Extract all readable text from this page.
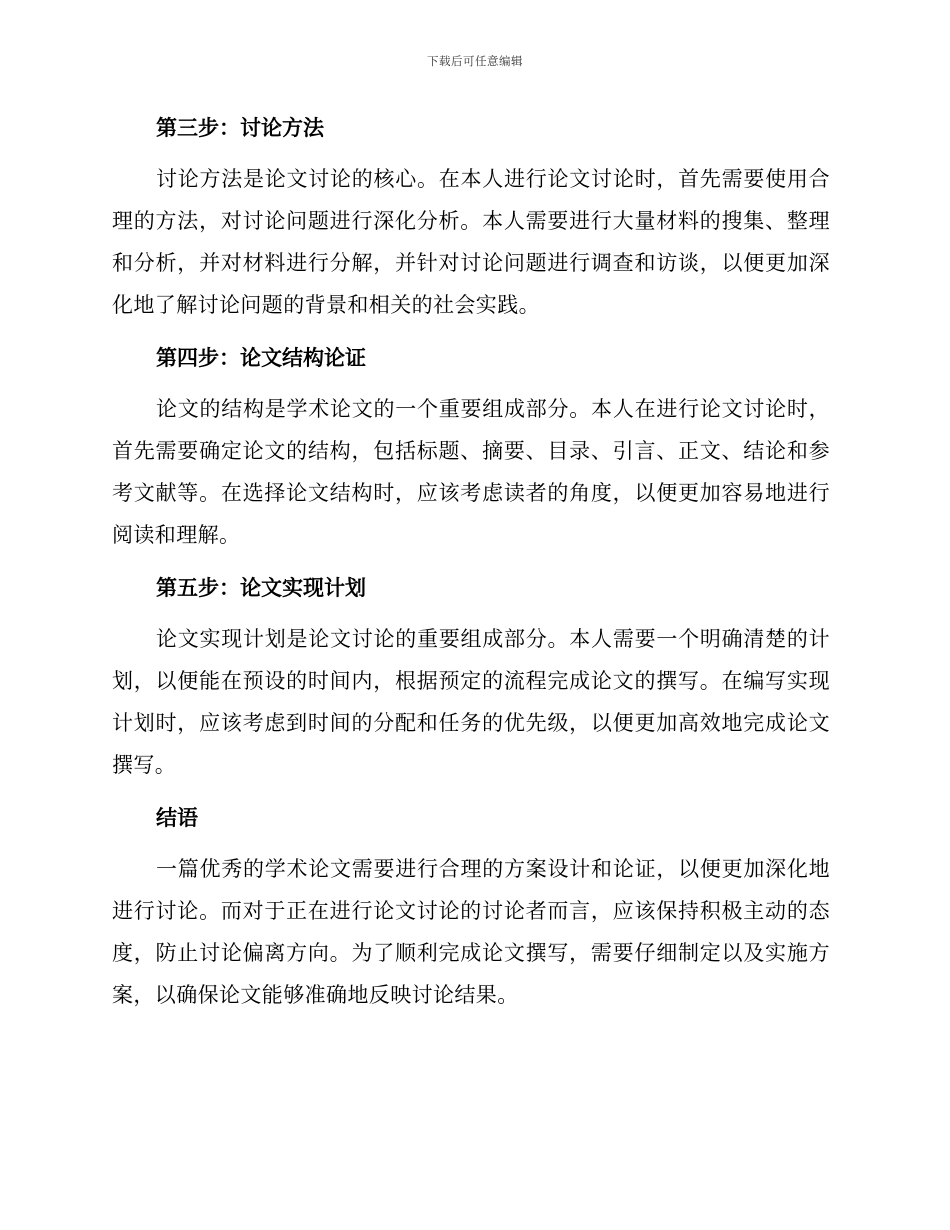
下载后可任意编辑
第三步：讨论方法

讨论方法是论文讨论的核心。在本人进行论文讨论时，首先需要使用合理的方法，对讨论问题进行深化分析。本人需要进行大量材料的搜集、整理和分析，并对材料进行分解，并针对讨论问题进行调查和访谈，以便更加深化地了解讨论问题的背景和相关的社会实践。

第四步：论文结构论证

论文的结构是学术论文的一个重要组成部分。本人在进行论文讨论时，首先需要确定论文的结构，包括标题、摘要、目录、引言、正文、结论和参考文献等。在选择论文结构时，应该考虑读者的角度，以便更加容易地进行阅读和理解。

第五步：论文实现计划

论文实现计划是论文讨论的重要组成部分。本人需要一个明确清楚的计划，以便能在预设的时间内，根据预定的流程完成论文的撰写。在编写实现计划时，应该考虑到时间的分配和任务的优先级，以便更加高效地完成论文撰写。

结语

一篇优秀的学术论文需要进行合理的方案设计和论证，以便更加深化地进行讨论。而对于正在进行论文讨论的讨论者而言，应该保持积极主动的态度，防止讨论偏离方向。为了顺利完成论文撰写，需要仔细制定以及实施方案，以确保论文能够准确地反映讨论结果。
